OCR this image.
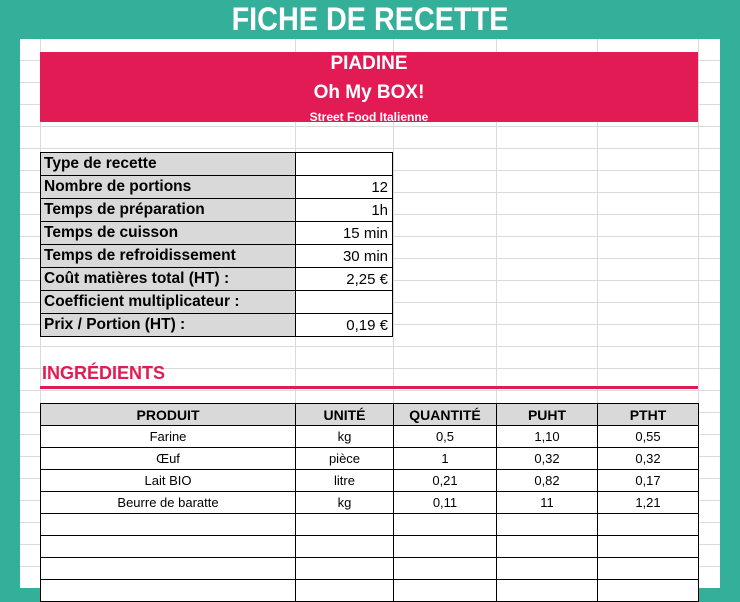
FICHE DE RECETTE
PIADINE
Oh My BOX!
Street Food Italienne
Type de recette
Nombre de portions	12
Temps de préparation	1h
Temps de cuisson	15 min
Temps de refroidissement	30 min
Coût matières total (HT) :	2,25 €
Coefficient multiplicateur :
Prix / Portion (HT) :	0,19 €
INGRÉDIENTS
PRODUIT	UNITÉ	QUANTITÉ	PUHT	PTHT
Farine	kg	0,5	1,10	0,55
Œuf	pièce	1	0,32	0,32
Lait BIO	litre	0,21	0,82	0,17
Beurre de baratte	kg	0,11	11	1,21
